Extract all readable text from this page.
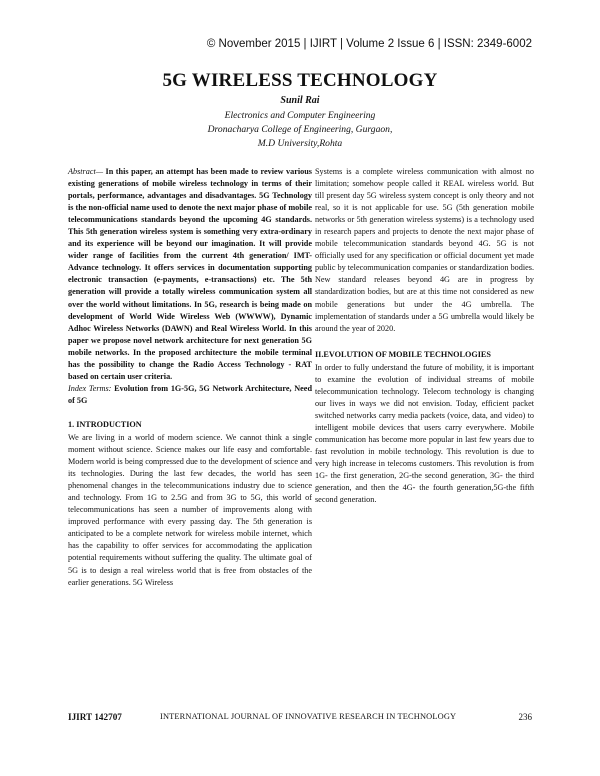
© November 2015 | IJIRT | Volume 2 Issue 6 | ISSN: 2349-6002
5G WIRELESS TECHNOLOGY
Sunil Rai
Electronics and Computer Engineering
Dronacharya College of Engineering, Gurgaon,
M.D University,Rohta

Abstract— In this paper, an attempt has been made to review various existing generations of mobile wireless technology in terms of their portals, performance, advantages and disadvantages. 5G Technology is the non-official name used to denote the next major phase of mobile telecommunications standards beyond the upcoming 4G standards. This 5th generation wireless system is something very extra-ordinary and its experience will be beyond our imagination. It will provide wider range of facilities from the current 4th generation/ IMT- Advance technology. It offers services in documentation supporting electronic transaction (e-payments, e-transactions) etc. The 5th generation will provide a totally wireless communication system all over the world without limitations. In 5G, research is being made on development of World Wide Wireless Web (WWWW), Dynamic Adhoc Wireless Networks (DAWN) and Real Wireless World. In this paper we propose novel network architecture for next generation 5G mobile networks. In the proposed architecture the mobile terminal has the possibility to change the Radio Access Technology - RAT based on certain user criteria.

Index Terms: Evolution from 1G-5G, 5G Network Architecture, Need of 5G

1. INTRODUCTION

We are living in a world of modern science. We cannot think a single moment without science. Science makes our life easy and comfortable. Modern world is being compressed due to the development of science and its technologies. During the last few decades, the world has seen phenomenal changes in the telecommunications industry due to science and technology. From 1G to 2.5G and from 3G to 5G, this world of telecommunications has seen a number of improvements along with improved performance with every passing day. The 5th generation is anticipated to be a complete network for wireless mobile internet, which has the capability to offer services for accommodating the application potential requirements without suffering the quality. The ultimate goal of 5G is to design a real wireless world that is free from obstacles of the earlier generations. 5G Wireless

Systems is a complete wireless communication with almost no limitation; somehow people called it REAL wireless world. But till present day 5G wireless system concept is only theory and not real, so it is not applicable for use. 5G (5th generation mobile networks or 5th generation wireless systems) is a technology used in research papers and projects to denote the next major phase of mobile telecommunication standards beyond 4G. 5G is not officially used for any specification or official document yet made public by telecommunication companies or standardization bodies. New standard releases beyond 4G are in progress by standardization bodies, but are at this time not considered as new mobile generations but under the 4G umbrella. The implementation of standards under a 5G umbrella would likely be around the year of 2020.

II.EVOLUTION OF MOBILE TECHNOLOGIES

In order to fully understand the future of mobility, it is important to examine the evolution of individual streams of mobile telecommunication technology. Telecom technology is changing our lives in ways we did not envision. Today, efficient packet switched networks carry media packets (voice, data, and video) to intelligent mobile devices that users carry everywhere. Mobile communication has become more popular in last few years due to fast revolution in mobile technology. This revolution is due to very high increase in telecoms customers. This revolution is from 1G- the first generation, 2G-the second generation, 3G- the third generation, and then the 4G- the fourth generation,5G-the fifth second generation.

IJIRT 142707	INTERNATIONAL JOURNAL OF INNOVATIVE RESEARCH IN TECHNOLOGY	236
